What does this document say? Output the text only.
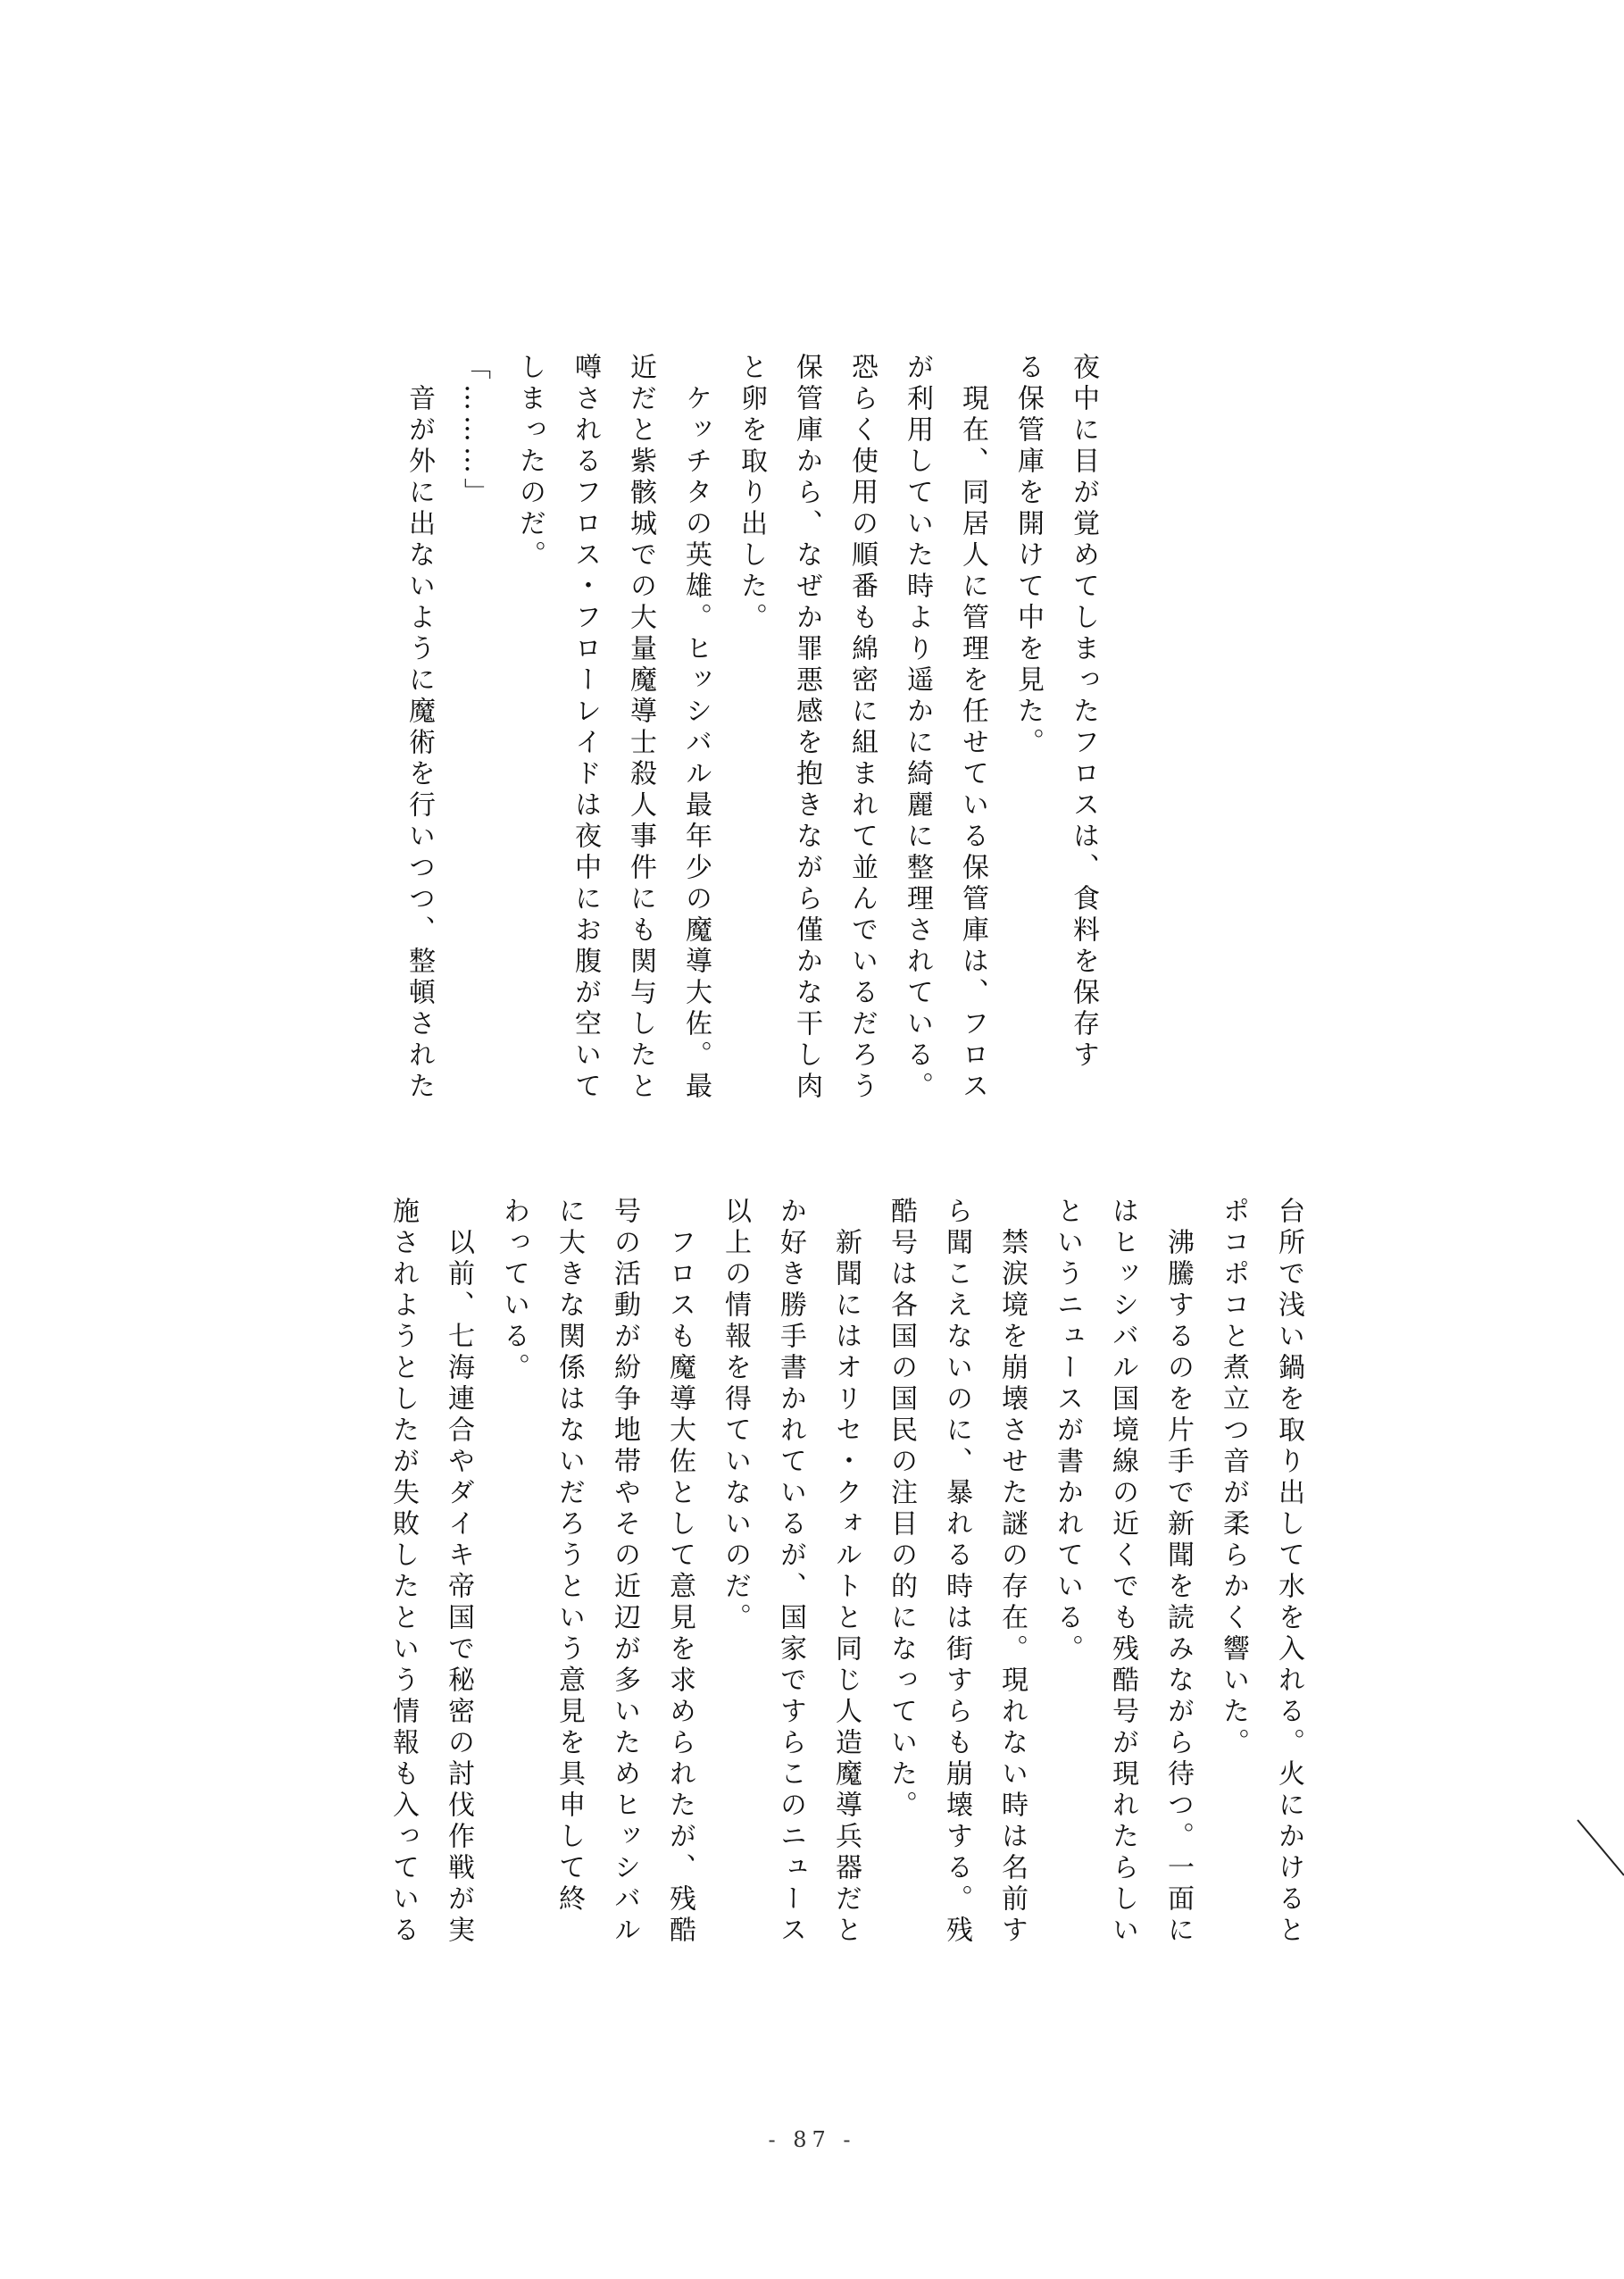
夜中に目が覚めてしまったフロスは、食料を保存す
る保管庫を開けて中を見た。
　現在、同居人に管理を任せている保管庫は、フロス
が利用していた時より遥かに綺麗に整理されている。
恐らく使用の順番も綿密に組まれて並んでいるだろう
保管庫から、なぜか罪悪感を抱きながら僅かな干し肉
と卵を取り出した。
　ケッチタの英雄。ヒッシバル最年少の魔導大佐。最
近だと紫骸城での大量魔導士殺人事件にも関与したと
噂されるフロス・フローレイドは夜中にお腹が空いて
しまったのだ。
「………」
　音が外に出ないように魔術を行いつつ、整頓された
台所で浅い鍋を取り出して水を入れる。火にかけると
ポコポコと煮立つ音が柔らかく響いた。
　沸騰するのを片手で新聞を読みながら待つ。一面に
はヒッシバル国境線の近くでも残酷号が現れたらしい
というニュースが書かれている。
　禁涙境を崩壊させた謎の存在。現れない時は名前す
ら聞こえないのに、暴れる時は街すらも崩壊する。残
酷号は各国の国民の注目の的になっていた。
　新聞にはオリセ・クォルトと同じ人造魔導兵器だと
か好き勝手書かれているが、国家ですらこのニュース
以上の情報を得ていないのだ。
　フロスも魔導大佐として意見を求められたが、残酷
号の活動が紛争地帯やその近辺が多いためヒッシバル
に大きな関係はないだろうという意見を具申して終
わっている。
　以前、七海連合やダイキ帝国で秘密の討伐作戦が実
施されようとしたが失敗したという情報も入っている
- 87 -
